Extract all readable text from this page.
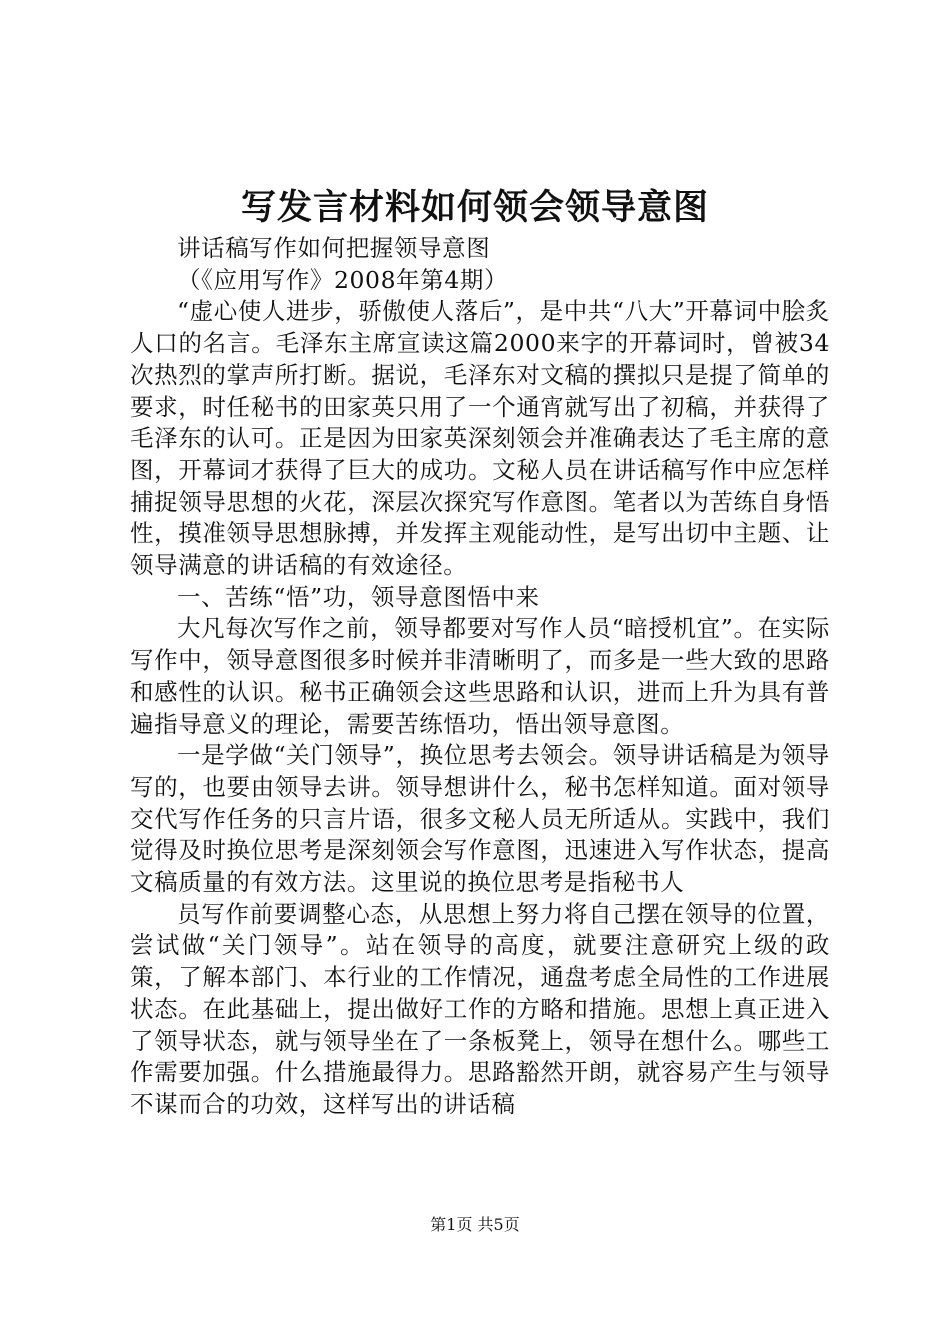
写发言材料如何领会领导意图

讲话稿写作如何把握领导意图

（《应用写作》2008年第4期）

“虚心使人进步，骄傲使人落后”，是中共“八大”开幕词中脍炙人口的名言。毛泽东主席宣读这篇2000来字的开幕词时，曾被34次热烈的掌声所打断。据说，毛泽东对文稿的撰拟只是提了简单的要求，时任秘书的田家英只用了一个通宵就写出了初稿，并获得了毛泽东的认可。正是因为田家英深刻领会并准确表达了毛主席的意图，开幕词才获得了巨大的成功。文秘人员在讲话稿写作中应怎样捕捉领导思想的火花，深层次探究写作意图。笔者以为苦练自身悟性，摸准领导思想脉搏，并发挥主观能动性，是写出切中主题、让领导满意的讲话稿的有效途径。

一、苦练“悟”功，领导意图悟中来

大凡每次写作之前，领导都要对写作人员“暗授机宜”。在实际写作中，领导意图很多时候并非清晰明了，而多是一些大致的思路和感性的认识。秘书正确领会这些思路和认识，进而上升为具有普遍指导意义的理论，需要苦练悟功，悟出领导意图。

一是学做“关门领导”，换位思考去领会。领导讲话稿是为领导写的，也要由领导去讲。领导想讲什么，秘书怎样知道。面对领导交代写作任务的只言片语，很多文秘人员无所适从。实践中，我们觉得及时换位思考是深刻领会写作意图，迅速进入写作状态，提高文稿质量的有效方法。这里说的换位思考是指秘书人

员写作前要调整心态，从思想上努力将自己摆在领导的位置，尝试做“关门领导”。站在领导的高度，就要注意研究上级的政策，了解本部门、本行业的工作情况，通盘考虑全局性的工作进展状态。在此基础上，提出做好工作的方略和措施。思想上真正进入了领导状态，就与领导坐在了一条板凳上，领导在想什么。哪些工作需要加强。什么措施最得力。思路豁然开朗，就容易产生与领导不谋而合的功效，这样写出的讲话稿

第1页 共5页
